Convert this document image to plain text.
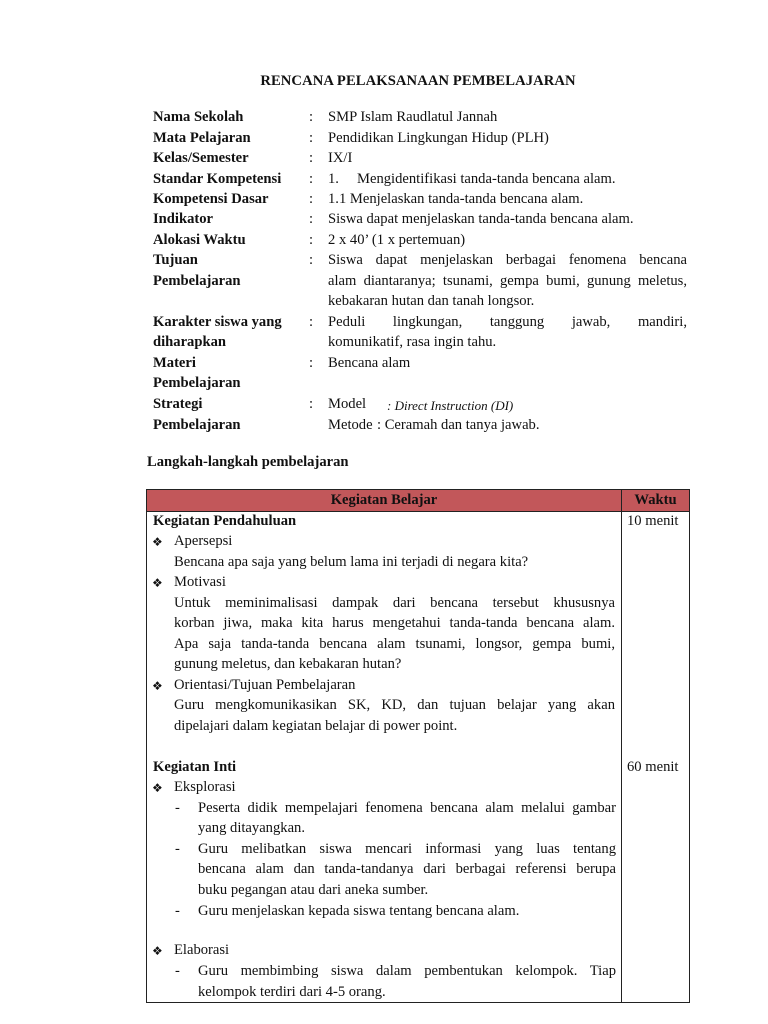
RENCANA PELAKSANAAN PEMBELAJARAN
Nama Sekolah	: SMP Islam Raudlatul Jannah
Mata Pelajaran	: Pendidikan Lingkungan Hidup (PLH)
Kelas/Semester	: IX/I
Standar Kompetensi : 1. Mengidentifikasi tanda-tanda bencana alam.
Kompetensi Dasar	: 1.1 Menjelaskan tanda-tanda bencana alam.
Indikator	: Siswa dapat menjelaskan tanda-tanda bencana alam.
Alokasi Waktu	: 2 x 40’ (1 x pertemuan)
Tujuan
Pembelajaran
: Siswa dapat menjelaskan berbagai fenomena bencana
alam diantaranya; tsunami, gempa bumi, gunung meletus,
kebakaran hutan dan tanah longsor.
Karakter siswa yang
diharapkan
: Peduli lingkungan, tanggung jawab, mandiri,
komunikatif, rasa ingin tahu.
Materi
Pembelajaran
: Bencana alam
Strategi
Pembelajaran
: Model : Direct Instruction (DI)
Metode : Ceramah dan tanya jawab.
Langkah-langkah pembelajaran
Kegiatan Belajar	Waktu
Kegiatan Pendahuluan	10 menit
❖ Apersepsi
Bencana apa saja yang belum lama ini terjadi di negara kita?
❖ Motivasi
Untuk meminimalisasi dampak dari bencana tersebut khususnya
korban jiwa, maka kita harus mengetahui tanda-tanda bencana alam.
Apa saja tanda-tanda bencana alam tsunami, longsor, gempa bumi,
gunung meletus, dan kebakaran hutan?
❖ Orientasi/Tujuan Pembelajaran
Guru mengkomunikasikan SK, KD, dan tujuan belajar yang akan
dipelajari dalam kegiatan belajar di power point.
Kegiatan Inti	60 menit
❖ Eksplorasi
- Peserta didik mempelajari fenomena bencana alam melalui gambar
yang ditayangkan.
- Guru melibatkan siswa mencari informasi yang luas tentang
bencana alam dan tanda-tandanya dari berbagai referensi berupa
buku pegangan atau dari aneka sumber.
- Guru menjelaskan kepada siswa tentang bencana alam.
❖ Elaborasi
- Guru membimbing siswa dalam pembentukan kelompok. Tiap
kelompok terdiri dari 4-5 orang.
